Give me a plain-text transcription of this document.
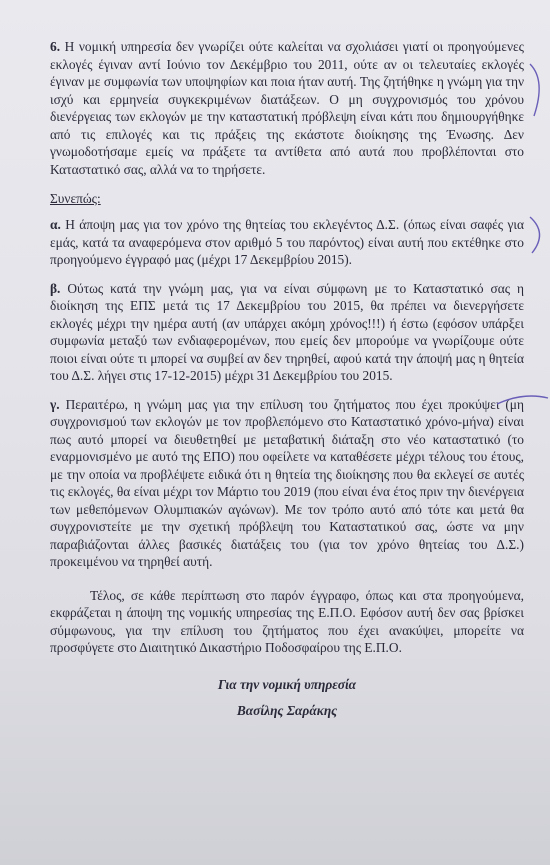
6. Η νομική υπηρεσία δεν γνωρίζει ούτε καλείται να σχολιάσει γιατί οι προηγούμενες εκλογές έγιναν αντί Ιούνιο τον Δεκέμβριο του 2011, ούτε αν οι τελευταίες εκλογές έγιναν με συμφωνία των υποψηφίων και ποια ήταν αυτή. Της ζητήθηκε η γνώμη για την ισχύ και ερμηνεία συγκεκριμένων διατάξεων. Ο μη συγχρονισμός του χρόνου διενέργειας των εκλογών με την καταστατική πρόβλεψη είναι κάτι που δημιουργήθηκε από τις επιλογές και τις πράξεις της εκάστοτε διοίκησης της Ένωσης. Δεν γνωμοδοτήσαμε εμείς να πράξετε τα αντίθετα από αυτά που προβλέπονται στο Καταστατικό σας, αλλά να το τηρήσετε.

Συνεπώς:

α. Η άποψη μας για τον χρόνο της θητείας του εκλεγέντος Δ.Σ. (όπως είναι σαφές για εμάς, κατά τα αναφερόμενα στον αριθμό 5 του παρόντος) είναι αυτή που εκτέθηκε στο προηγούμενο έγγραφό μας (μέχρι 17 Δεκεμβρίου 2015).

β. Ούτως κατά την γνώμη μας, για να είναι σύμφωνη με το Καταστατικό σας η διοίκηση της ΕΠΣ μετά τις 17 Δεκεμβρίου του 2015, θα πρέπει να διενεργήσετε εκλογές μέχρι την ημέρα αυτή (αν υπάρχει ακόμη χρόνος!!!) ή έστω (εφόσον υπάρξει συμφωνία μεταξύ των ενδιαφερομένων, που εμείς δεν μπορούμε να γνωρίζουμε ούτε ποιοι είναι ούτε τι μπορεί να συμβεί αν δεν τηρηθεί, αφού κατά την άποψή μας η θητεία του Δ.Σ. λήγει στις 17-12-2015) μέχρι 31 Δεκεμβρίου του 2015.

γ. Περαιτέρω, η γνώμη μας για την επίλυση του ζητήματος που έχει προκύψει (μη συγχρονισμού των εκλογών με τον προβλεπόμενο στο Καταστατικό χρόνο-μήνα) είναι πως αυτό μπορεί να διευθετηθεί με μεταβατική διάταξη στο νέο καταστατικό (το εναρμονισμένο με αυτό της ΕΠΟ) που οφείλετε να καταθέσετε μέχρι τέλους του έτους, με την οποία να προβλέψετε ειδικά ότι η θητεία της διοίκησης που θα εκλεγεί σε αυτές τις εκλογές, θα είναι μέχρι τον Μάρτιο του 2019 (που είναι ένα έτος πριν την διενέργεια των μεθεπόμενων Ολυμπιακών αγώνων). Με τον τρόπο αυτό από τότε και μετά θα συγχρονιστείτε με την σχετική πρόβλεψη του Καταστατικού σας, ώστε να μην παραβιάζονται άλλες βασικές διατάξεις του (για τον χρόνο θητείας του Δ.Σ.) προκειμένου να τηρηθεί αυτή.

Τέλος, σε κάθε περίπτωση στο παρόν έγγραφο, όπως και στα προηγούμενα, εκφράζεται η άποψη της νομικής υπηρεσίας της Ε.Π.Ο. Εφόσον αυτή δεν σας βρίσκει σύμφωνους, για την επίλυση του ζητήματος που έχει ανακύψει, μπορείτε να προσφύγετε στο Διαιτητικό Δικαστήριο Ποδοσφαίρου της Ε.Π.Ο.

Για την νομική υπηρεσία

Βασίλης Σαράκης
